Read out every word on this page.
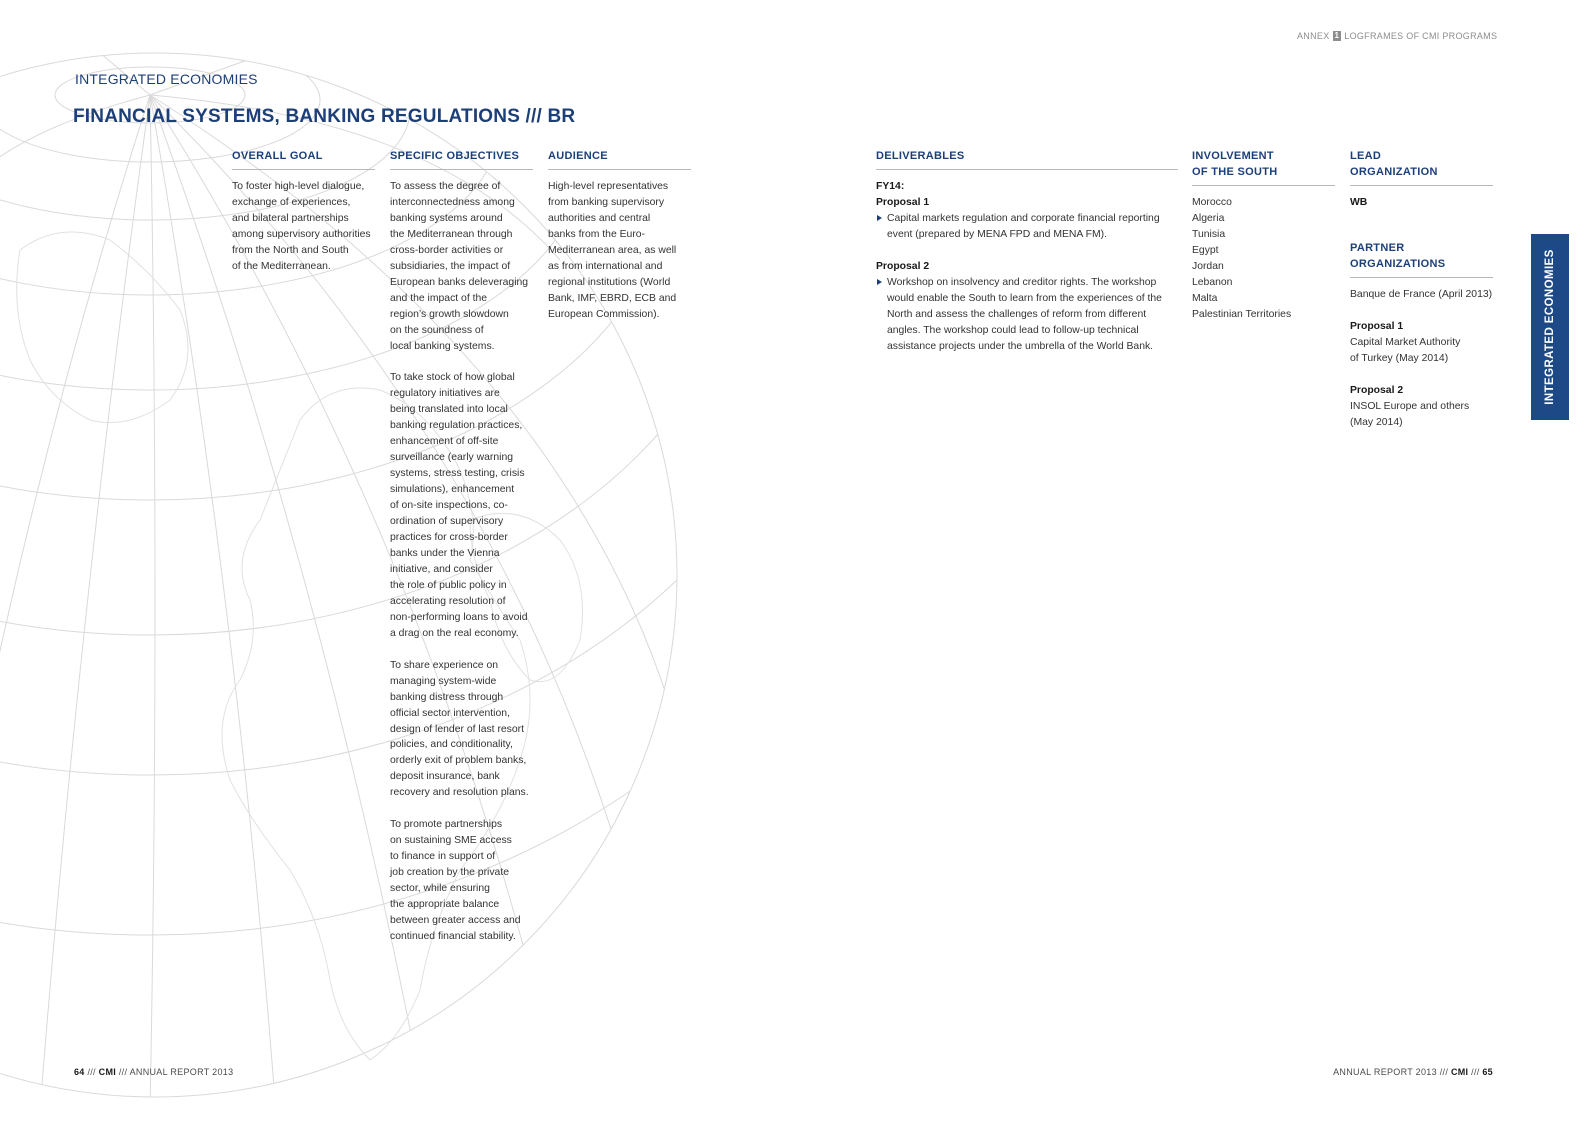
ANNEX 1 LOGFRAMES OF CMI PROGRAMS
INTEGRATED ECONOMIES
FINANCIAL SYSTEMS, BANKING REGULATIONS /// BR
OVERALL GOAL

To foster high-level dialogue,

exchange of experiences,

and bilateral partnerships

among supervisory authorities

from the North and South

of the Mediterranean.

SPECIFIC OBJECTIVES

To assess the degree of

interconnectedness among

banking systems around

the Mediterranean through

cross-border activities or

subsidiaries, the impact of

European banks deleveraging

and the impact of the

region’s growth slowdown

on the soundness of

local banking systems.

To take stock of how global

regulatory initiatives are

being translated into local

banking regulation practices,

enhancement of off-site

surveillance (early warning

systems, stress testing, crisis

simulations), enhancement

of on-site inspections, co-

ordination of supervisory

practices for cross-border

banks under the Vienna

initiative, and consider

the role of public policy in

accelerating resolution of

non-performing loans to avoid

a drag on the real economy.

To share experience on

managing system-wide

banking distress through

official sector intervention,

design of lender of last resort

policies, and conditionality,

orderly exit of problem banks,

deposit insurance, bank

recovery and resolution plans.

To promote partnerships

on sustaining SME access

to finance in support of

job creation by the private

sector, while ensuring

the appropriate balance

between greater access and

continued financial stability.

AUDIENCE

High-level representatives

from banking supervisory

authorities and central

banks from the Euro-

Mediterranean area, as well

as from international and

regional institutions (World

Bank, IMF, EBRD, ECB and

European Commission).

DELIVERABLES

FY14:

Proposal 1

Capital markets regulation and corporate financial reporting

event (prepared by MENA FPD and MENA FM).

Proposal 2

Workshop on insolvency and creditor rights. The workshop

would enable the South to learn from the experiences of the

North and assess the challenges of reform from different

angles. The workshop could lead to follow-up technical

assistance projects under the umbrella of the World Bank.

INVOLVEMENT
OF THE SOUTH

Morocco

Algeria

Tunisia

Egypt

Jordan

Lebanon

Malta

Palestinian Territories

LEAD
ORGANIZATION

WB

PARTNER
ORGANIZATIONS

Banque de France (April 2013)

Proposal 1

Capital Market Authority

of Turkey (May 2014)

Proposal 2

INSOL Europe and others

(May 2014)

INTEGRATED ECONOMIES
64 /// CMI /// ANNUAL REPORT 2013	ANNUAL REPORT 2013 /// CMI /// 65
